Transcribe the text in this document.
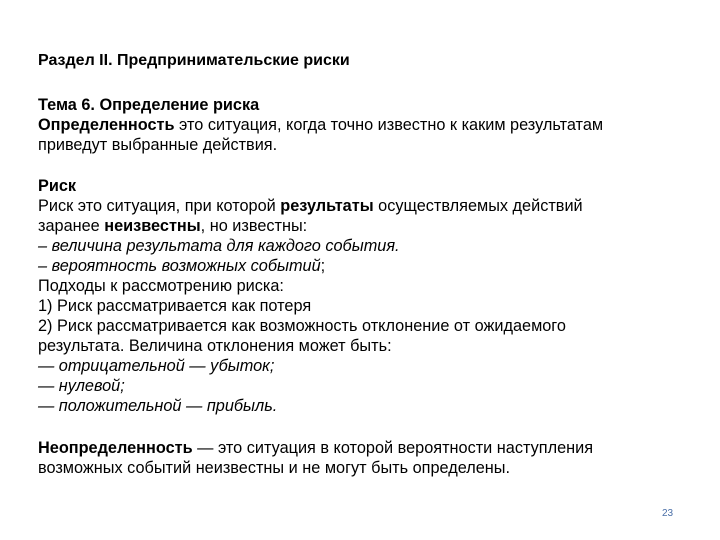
Раздел II. Предпринимательские риски

Тема 6. Определение риска

Определенность это ситуация, когда точно известно к каким результатам

приведут выбранные действия.

Риск

Риск это ситуация, при которой результаты осуществляемых действий

заранее неизвестны, но известны:

– величина результата для каждого события.

– вероятность возможных событий;

Подходы к рассмотрению риска:

1) Риск рассматривается как потеря

2) Риск рассматривается как возможность отклонение от ожидаемого

результата. Величина отклонения может быть:

— отрицательной — убыток;

— нулевой;

— положительной — прибыль.

Неопределенность — это ситуация в которой вероятности наступления

возможных событий неизвестны и не могут быть определены.

23
